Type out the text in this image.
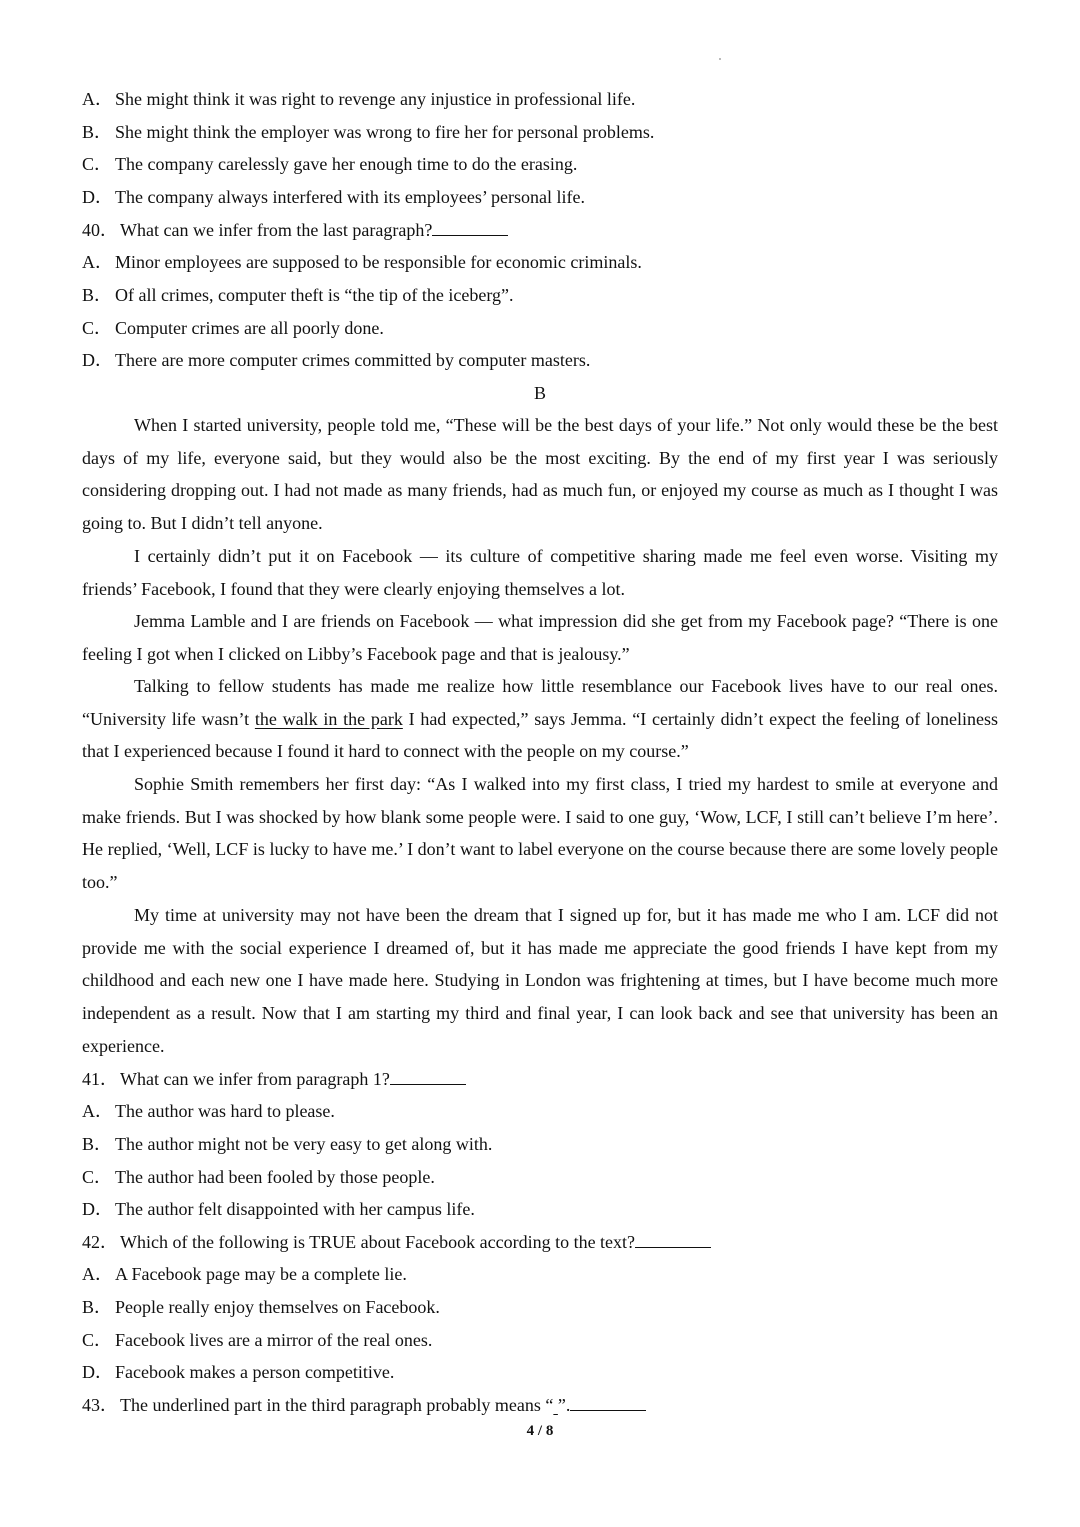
A． She might think it was right to revenge any injustice in professional life.
B． She might think the employer was wrong to fire her for personal problems.
C． The company carelessly gave her enough time to do the erasing.
D． The company always interfered with its employees’ personal life.
40． What can we infer from the last paragraph?
A． Minor employees are supposed to be responsible for economic criminals.
B． Of all crimes, computer theft is “the tip of the iceberg”.
C． Computer crimes are all poorly done.
D． There are more computer crimes committed by computer masters.
B
When I started university, people told me, “These will be the best days of your life.” Not only would these be the best days of my life, everyone said, but they would also be the most exciting. By the end of my first year I was seriously considering dropping out. I had not made as many friends, had as much fun, or enjoyed my course as much as I thought I was going to. But I didn’t tell anyone.
I certainly didn’t put it on Facebook — its culture of competitive sharing made me feel even worse. Visiting my friends’ Facebook, I found that they were clearly enjoying themselves a lot.
Jemma Lamble and I are friends on Facebook — what impression did she get from my Facebook page? “There is one feeling I got when I clicked on Libby’s Facebook page and that is jealousy.”
Talking to fellow students has made me realize how little resemblance our Facebook lives have to our real ones. “University life wasn’t the walk in the park I had expected,” says Jemma. “I certainly didn’t expect the feeling of loneliness that I experienced because I found it hard to connect with the people on my course.”
Sophie Smith remembers her first day: “As I walked into my first class, I tried my hardest to smile at everyone and make friends. But I was shocked by how blank some people were. I said to one guy, ‘Wow, LCF, I still can’t believe I’m here’. He replied, ‘Well, LCF is lucky to have me.’ I don’t want to label everyone on the course because there are some lovely people too.”
My time at university may not have been the dream that I signed up for, but it has made me who I am. LCF did not provide me with the social experience I dreamed of, but it has made me appreciate the good friends I have kept from my childhood and each new one I have made here. Studying in London was frightening at times, but I have become much more independent as a result. Now that I am starting my third and final year, I can look back and see that university has been an experience.
41． What can we infer from paragraph 1?
A． The author was hard to please.
B． The author might not be very easy to get along with.
C． The author had been fooled by those people.
D． The author felt disappointed with her campus life.
42． Which of the following is TRUE about Facebook according to the text?
A． A Facebook page may be a complete lie.
B． People really enjoy themselves on Facebook.
C． Facebook lives are a mirror of the real ones.
D． Facebook makes a person competitive.
43． The underlined part in the third paragraph probably means “ ”.
4 / 8
